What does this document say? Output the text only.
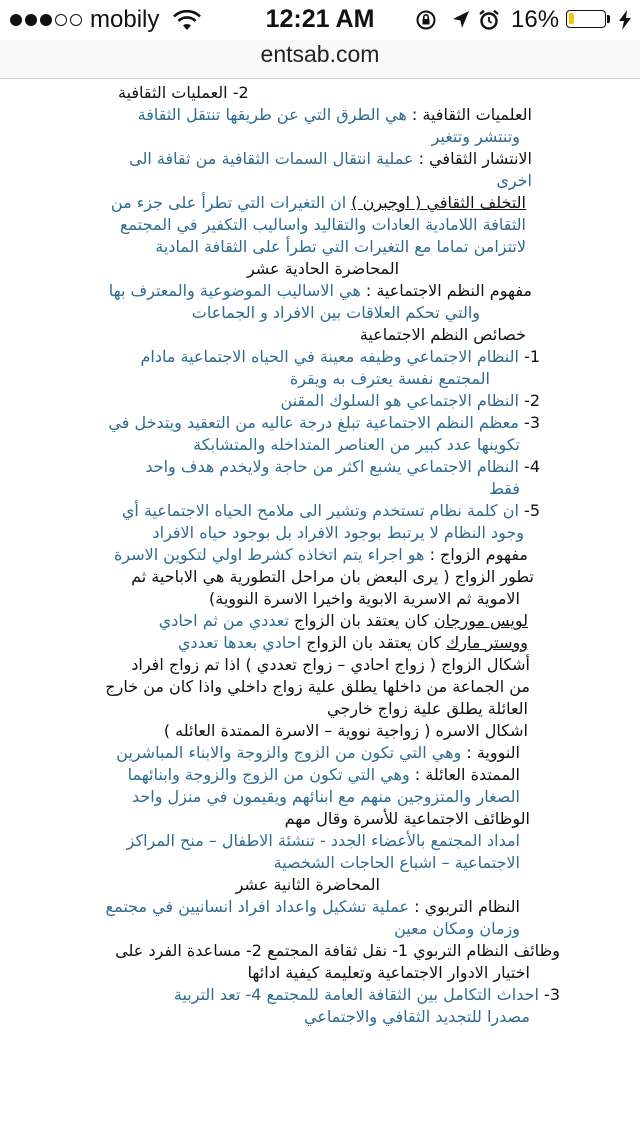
mobily	12:21 AM	16%
entsab.com
2- العمليات الثقافية
العلميات الثقافية : هي الطرق التي عن طريقها تنتقل الثقافة
وتنتشر وتتغير
الانتشار الثقافي : عملية انتقال السمات الثقافية من ثقافة الى
اخرى
التخلف الثقافي ( اوجبرن ) ان التغيرات التي تطرأ على جزء من
الثقافة اللامادية العادات والتقاليد واساليب التكفير في المجتمع
لاتتزامن تماما مع التغيرات التي تطرأ على الثقافة المادية
المحاضرة الحادية عشر
مفهوم النظم الاجتماعية : هي الاساليب الموضوعية والمعترف بها
والتي تحكم العلاقات بين الافراد و الجماعات
خصائص النظم الاجتماعية
1- النظام الاجتماعي وظيفه معينة في الحياه الاجتماعية مادام
المجتمع نفسة يعترف به ويقرة
2- النظام الاجتماعي هو السلوك المقنن
3- معظم النظم الاجتماعية تبلغ درجة عاليه من التعقيد ويتدخل في
تكوينها عدد كبير من العناصر المتداخله والمتشابكة
4- النظام الاجتماعي يشبع اكثر من حاجة ولايخدم هدف واحد
فقط
5- ان كلمة نظام تستخدم وتشير الى ملامح الحياه الاجتماعية أي
وجود النظام لا يرتبط بوجود الافراد بل بوجود حياه الافراد
مفهوم الزواج : هو اجراء يتم اتخاذه كشرط اولي لتكوين الاسرة
تطور الزواج ( يرى البعض بان مراحل التطورية هي الاباحية ثم
الاموية ثم الاسرية الابوية واخيرا الاسرة النووية)
لويس مورجان كان يعتقد بان الزواج تعددي من ثم احادي
ووستر مارك كان يعتقد بان الزواج احادي بعدها تعددي
أشكال الزواج ( زواج احادي – زواج تعددي ) اذا تم زواج افراد
من الجماعة من داخلها يطلق علية زواج داخلي واذا كان من خارج
العائلة يطلق علية زواج خارجي
اشكال الاسره ( زواجية نووية – الاسرة الممتدة العائله )
النووية : وهي التي تكون من الزوج والزوجة والابناء المباشرين
الممتدة العائلة : وهي التي تكون من الزوج والزوجة وابنائهما
الصغار والمتزوجين منهم مع ابنائهم ويقيمون في منزل واحد
الوظائف الاجتماعية للأسرة وقال مهم
امداد المجتمع بالأعضاء الجدد - تنشئة الاطفال – منح المراكز
الاجتماعية – اشباع الحاجات الشخصية
المحاضرة الثانية عشر
النظام التربوي : عملية تشكيل واعداد افراد انسانيين في مجتمع
وزمان ومكان معين
وظائف النظام التربوي 1- نقل ثقافة المجتمع 2- مساعدة الفرد على
اختيار الادوار الاجتماعية وتعليمة كيفية ادائها
3- احداث التكامل بين الثقافة العامة للمجتمع 4- تعد التربية
مصدرا للتجديد الثقافي والاجتماعي
